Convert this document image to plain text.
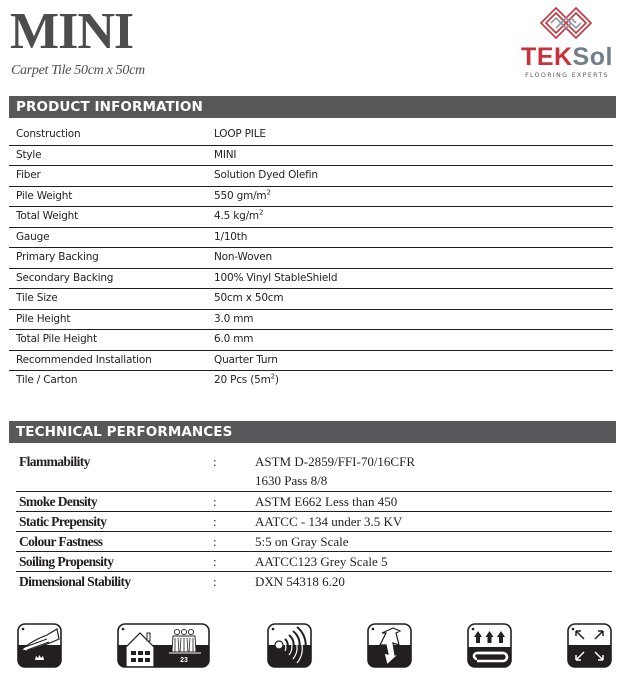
MINI
Carpet Tile 50cm x 50cm	TEKSol
FLOORING EXPERTS
PRODUCT INFORMATION
Construction	LOOP PILE
Style	MINI
Fiber	Solution Dyed Olefin
Pile Weight	550 $gm/m^2$
Total Weight	4.5 $kg/m^2$
Gauge	1/10th
Primary Backing	Non-Woven
Secondary Backing	100% Vinyl StableShield
Tile Size	50cm x 50cm
Pile Height	3.0 mm
Total Pile Height	6.0 mm
Recommended Installation	Quarter Turn
Tile / Carton	20 Pcs $(5m^2)$
TECHNICAL PERFORMANCES
Flammability	:	ASTM D-2859/FFI-70/16CFR
1630 Pass 8/8
Smoke Density	:	ASTM E662 Less than 450
Static Prepensity	:	AATCC - 134 under 3.5 KV
Colour Fastness	:	5:5 on Gray Scale
Soiling Propensity	:	AATCC123 Grey Scale 5
Dimensional Stability	:	DXN 54318 6.20
23
